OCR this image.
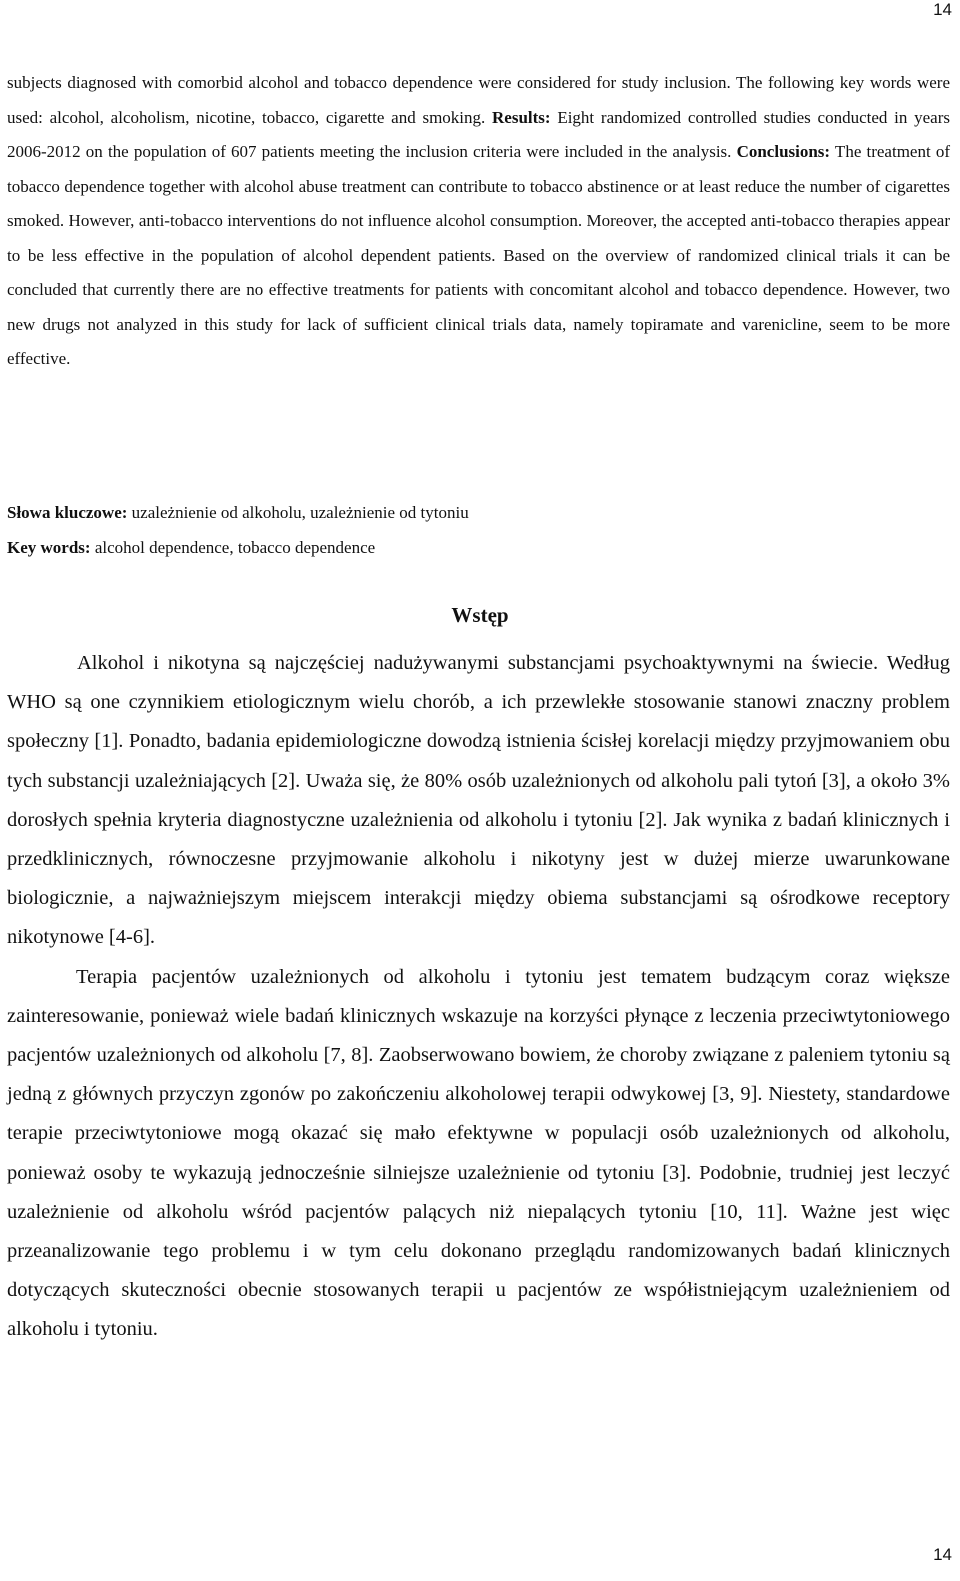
14

subjects diagnosed with comorbid alcohol and tobacco dependence were considered for study inclusion. The following key words were used: alcohol, alcoholism, nicotine, tobacco, cigarette and smoking. Results: Eight randomized controlled studies conducted in years 2006-2012 on the population of 607 patients meeting the inclusion criteria were included in the analysis. Conclusions: The treatment of tobacco dependence together with alcohol abuse treatment can contribute to tobacco abstinence or at least reduce the number of cigarettes smoked. However, anti-tobacco interventions do not influence alcohol consumption. Moreover, the accepted anti-tobacco therapies appear to be less effective in the population of alcohol dependent patients. Based on the overview of randomized clinical trials it can be concluded that currently there are no effective treatments for patients with concomitant alcohol and tobacco dependence. However, two new drugs not analyzed in this study for lack of sufficient clinical trials data, namely topiramate and varenicline, seem to be more effective.

Słowa kluczowe: uzależnienie od alkoholu, uzależnienie od tytoniu
Key words: alcohol dependence, tobacco dependence
Wstęp

Alkohol i nikotyna są najczęściej nadużywanymi substancjami psychoaktywnymi na świecie. Według WHO są one czynnikiem etiologicznym wielu chorób, a ich przewlekłe stosowanie stanowi znaczny problem społeczny [1]. Ponadto, badania epidemiologiczne dowodzą istnienia ścisłej korelacji między przyjmowaniem obu tych substancji uzależniających [2]. Uważa się, że 80% osób uzależnionych od alkoholu pali tytoń [3], a około 3% dorosłych spełnia kryteria diagnostyczne uzależnienia od alkoholu i tytoniu [2]. Jak wynika z badań klinicznych i przedklinicznych, równoczesne przyjmowanie alkoholu i nikotyny jest w dużej mierze uwarunkowane biologicznie, a najważniejszym miejscem interakcji między obiema substancjami są ośrodkowe receptory nikotynowe [4-6].

Terapia pacjentów uzależnionych od alkoholu i tytoniu jest tematem budzącym coraz większe zainteresowanie, ponieważ wiele badań klinicznych wskazuje na korzyści płynące z leczenia przeciwtytoniowego pacjentów uzależnionych od alkoholu [7, 8]. Zaobserwowano bowiem, że choroby związane z paleniem tytoniu są jedną z głównych przyczyn zgonów po zakończeniu alkoholowej terapii odwykowej [3, 9]. Niestety, standardowe terapie przeciwtytoniowe mogą okazać się mało efektywne w populacji osób uzależnionych od alkoholu, ponieważ osoby te wykazują jednocześnie silniejsze uzależnienie od tytoniu [3]. Podobnie, trudniej jest leczyć uzależnienie od alkoholu wśród pacjentów palących niż niepalących tytoniu [10, 11]. Ważne jest więc przeanalizowanie tego problemu i w tym celu dokonano przeglądu randomizowanych badań klinicznych dotyczących skuteczności obecnie stosowanych terapii u pacjentów ze współistniejącym uzależnieniem od alkoholu i tytoniu.

14
